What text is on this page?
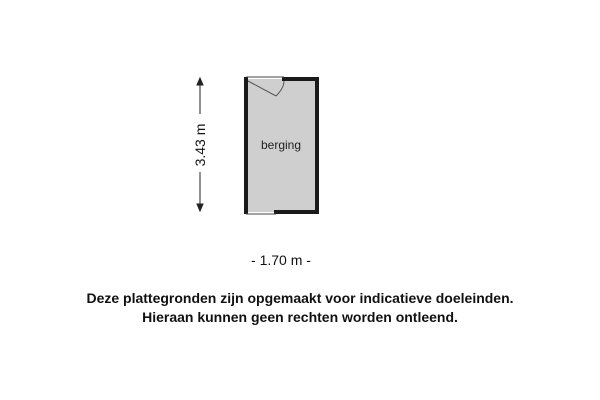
berging
3.43 m
- 1.70 m -
Deze plattegronden zijn opgemaakt voor indicatieve doeleinden.
Hieraan kunnen geen rechten worden ontleend.
